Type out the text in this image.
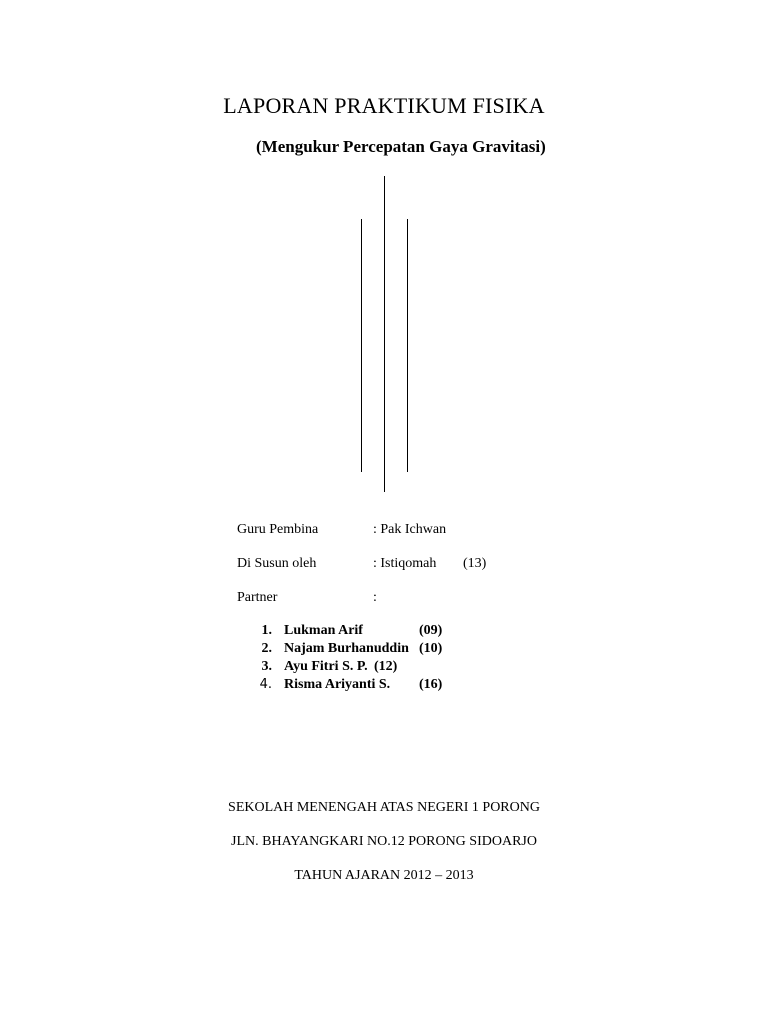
LAPORAN PRAKTIKUM FISIKA
(Mengukur Percepatan Gaya Gravitasi)
Guru Pembina	: Pak Ichwan
Di Susun oleh	: Istiqomah (13)
Partner	:
1. Lukman Arif	(09)
2. Najam Burhanuddin (10)
3. Ayu Fitri S. P. (12)
4. Risma Ariyanti S. (16)
SEKOLAH MENENGAH ATAS NEGERI 1 PORONG
JLN. BHAYANGKARI NO.12 PORONG SIDOARJO
TAHUN AJARAN 2012 – 2013
